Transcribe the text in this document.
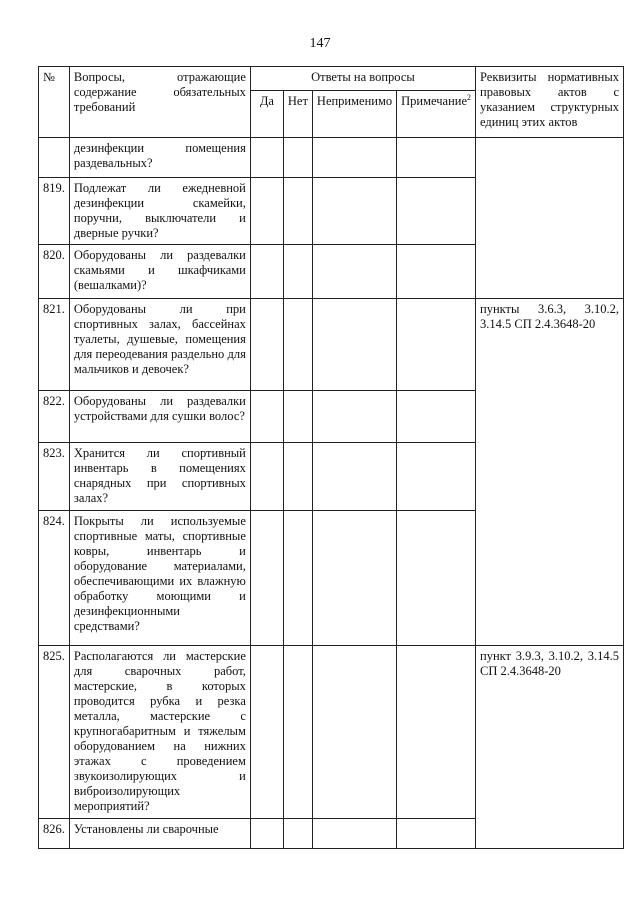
147
№	Вопросы, отражающие содержание обязательных требований	Ответы на вопросы				Реквизиты нормативных правовых актов с указанием структурных единиц этих актов
		Да	Нет	Неприменимо	Примечание$^2$
	дезинфекции помещения раздевальных?					
819.	Подлежат ли ежедневной дезинфекции скамейки, поручни, выключатели и дверные ручки?					
820.	Оборудованы ли раздевалки скамьями и шкафчиками (вешалками)?					
821.	Оборудованы ли при спортивных залах, бассейнах туалеты, душевые, помещения для переодевания раздельно для мальчиков и девочек?					пункты 3.6.3, 3.10.2, 3.14.5 СП 2.4.3648-20
822.	Оборудованы ли раздевалки устройствами для сушки волос?					
823.	Хранится ли спортивный инвентарь в помещениях снарядных при спортивных залах?					
824.	Покрыты ли используемые спортивные маты, спортивные ковры, инвентарь и оборудование материалами, обеспечивающими их влажную обработку моющими и дезинфекционными средствами?					
825.	Располагаются ли мастерские для сварочных работ, мастерские, в которых проводится рубка и резка металла, мастерские с крупногабаритным и тяжелым оборудованием на нижних этажах с проведением звукоизолирующих и виброизолирующих мероприятий?					пункт 3.9.3, 3.10.2, 3.14.5 СП 2.4.3648-20
826.	Установлены ли сварочные					
